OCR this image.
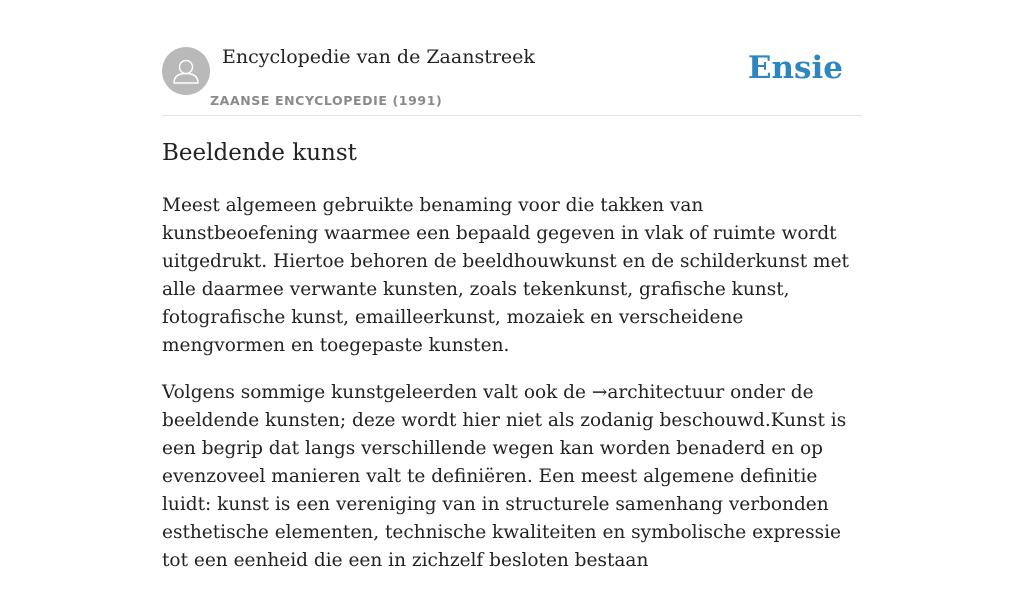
Encyclopedie van de Zaanstreek
ZAANSE ENCYCLOPEDIE (1991)
Ensie
Beeldende kunst

Meest algemeen gebruikte benaming voor die takken van kunstbeoefening waarmee een bepaald gegeven in vlak of ruimte wordt uitgedrukt. Hiertoe behoren de beeldhouwkunst en de schilderkunst met alle daarmee verwante kunsten, zoals tekenkunst, grafische kunst, fotografische kunst, emailleerkunst, mozaiek en verscheidene mengvormen en toegepaste kunsten.

Volgens sommige kunstgeleerden valt ook de →architectuur onder de beeldende kunsten; deze wordt hier niet als zodanig beschouwd.Kunst is een begrip dat langs verschillende wegen kan worden benaderd en op evenzoveel manieren valt te definiëren. Een meest algemene definitie luidt: kunst is een vereniging van in structurele samenhang verbonden esthetische elementen, technische kwaliteiten en symbolische expressie tot een eenheid die een in zichzelf besloten bestaan
